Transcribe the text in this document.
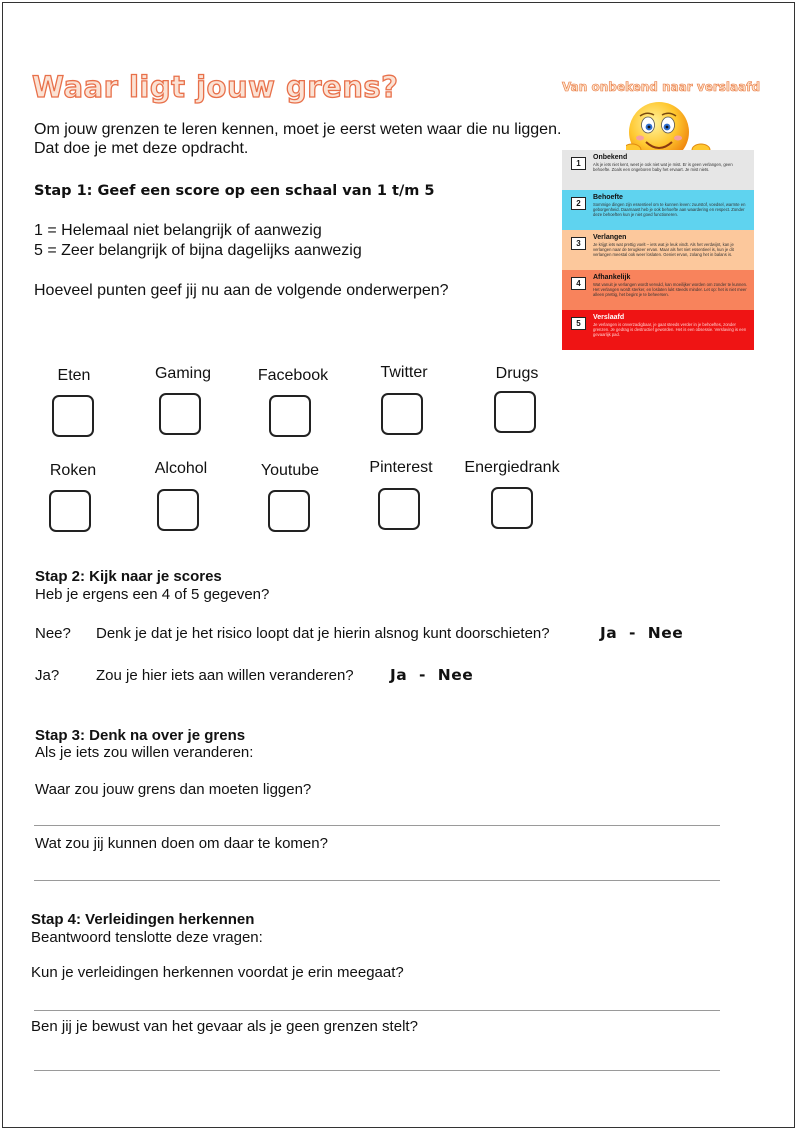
Waar ligt jouw grens?
Om jouw grenzen te leren kennen, moet je eerst weten waar die nu liggen.
Dat doe je met deze opdracht.
Van onbekend naar verslaafd
1
Onbekend
Als je iets niet kent, weet je ook niet wat je mist. Er is geen verlangen, geen behoefte. Zoals een ongeboren baby het ervaart. Je mist niets.
2
Behoefte
Sommige dingen zijn essentieel om te kunnen leven: zuurstof, voedsel, warmte en geborgenheid. Daarnaast heb je ook behoefte aan waardering en respect. Zonder deze behoeften kun je niet goed functioneren.
3
Verlangen
Je krijgt iets wat prettig voelt – iets wat je leuk vindt. Als het verdwijnt, kan je verlangen naar de terugkeer ervan. Maar als het niet essentieel is, kun je dit verlangen meestal ook weer loslaten. Geniet ervan, zolang het in balans is.
4
Afhankelijk
Wat vanuit je verlangen wordt vervuld, kan moeilijker worden om zonder te kunnen. Het verlangen wordt sterker, en loslaten lukt steeds minder. Let op: het is niet meer alleen prettig, het begint je te beheersen.
5
Verslaafd
Je verlangen is onverzadigbaar, je gaat steeds verder in je behoeftes, zonder grenzen. Je gedrag is destructief geworden. Het is een obsessie. Verslaving is een gevaarlijk pad.
Stap 1: Geef een score op een schaal van 1 t/m 5
1 = Helemaal niet belangrijk of aanwezig
5 = Zeer belangrijk of bijna dagelijks aanwezig
Hoeveel punten geef jij nu aan de volgende onderwerpen?
Eten	Gaming	Facebook	Twitter	Drugs
Roken	Alcohol	Youtube	Pinterest	Energiedrank
Stap 2: Kijk naar je scores
Heb je ergens een 4 of 5 gegeven?
Nee? Denk je dat je het risico loopt dat je hierin alsnog kunt doorschieten?	Ja  -  Nee
Ja? Zou je hier iets aan willen veranderen? Ja  -  Nee
Stap 3: Denk na over je grens
Als je iets zou willen veranderen:
Waar zou jouw grens dan moeten liggen?
Wat zou jij kunnen doen om daar te komen?
Stap 4: Verleidingen herkennen
Beantwoord tenslotte deze vragen:
Kun je verleidingen herkennen voordat je erin meegaat?
Ben jij je bewust van het gevaar als je geen grenzen stelt?
